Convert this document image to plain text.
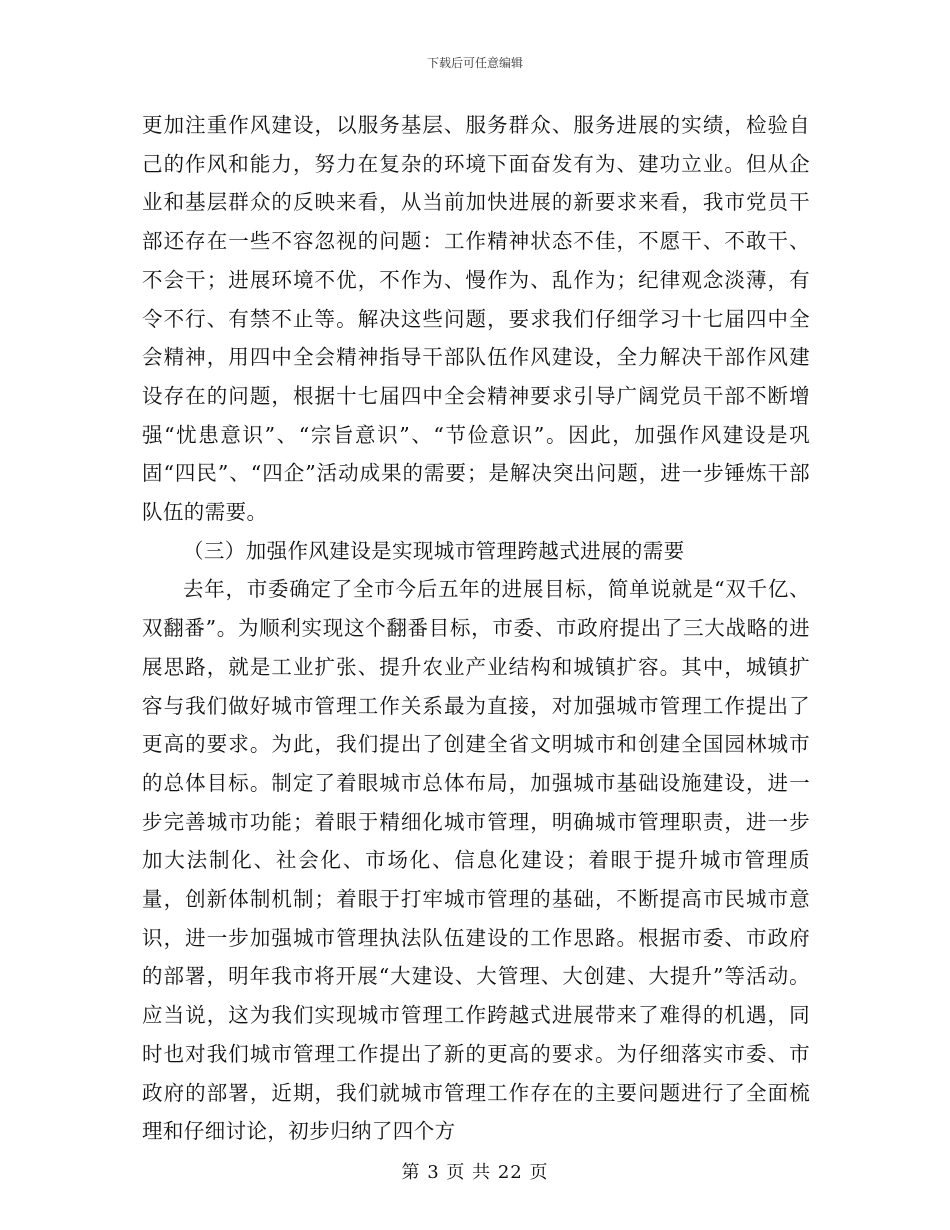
下载后可任意编辑

更加注重作风建设，以服务基层、服务群众、服务进展的实绩，检验自己的作风和能力，努力在复杂的环境下面奋发有为、建功立业。但从企业和基层群众的反映来看，从当前加快进展的新要求来看，我市党员干部还存在一些不容忽视的问题：工作精神状态不佳，不愿干、不敢干、不会干；进展环境不优，不作为、慢作为、乱作为；纪律观念淡薄，有令不行、有禁不止等。解决这些问题，要求我们仔细学习十七届四中全会精神，用四中全会精神指导干部队伍作风建设，全力解决干部作风建设存在的问题，根据十七届四中全会精神要求引导广阔党员干部不断增强“忧患意识”、“宗旨意识”、“节俭意识”。因此，加强作风建设是巩固“四民”、“四企”活动成果的需要；是解决突出问题，进一步锤炼干部队伍的需要。

（三）加强作风建设是实现城市管理跨越式进展的需要

去年，市委确定了全市今后五年的进展目标，简单说就是“双千亿、双翻番”。为顺利实现这个翻番目标，市委、市政府提出了三大战略的进展思路，就是工业扩张、提升农业产业结构和城镇扩容。其中，城镇扩容与我们做好城市管理工作关系最为直接，对加强城市管理工作提出了更高的要求。为此，我们提出了创建全省文明城市和创建全国园林城市的总体目标。制定了着眼城市总体布局，加强城市基础设施建设，进一步完善城市功能；着眼于精细化城市管理，明确城市管理职责，进一步加大法制化、社会化、市场化、信息化建设；着眼于提升城市管理质量，创新体制机制；着眼于打牢城市管理的基础，不断提高市民城市意识，进一步加强城市管理执法队伍建设的工作思路。根据市委、市政府的部署，明年我市将开展“大建设、大管理、大创建、大提升”等活动。应当说，这为我们实现城市管理工作跨越式进展带来了难得的机遇，同时也对我们城市管理工作提出了新的更高的要求。为仔细落实市委、市政府的部署，近期，我们就城市管理工作存在的主要问题进行了全面梳理和仔细讨论，初步归纳了四个方

第 3 页 共 22 页
